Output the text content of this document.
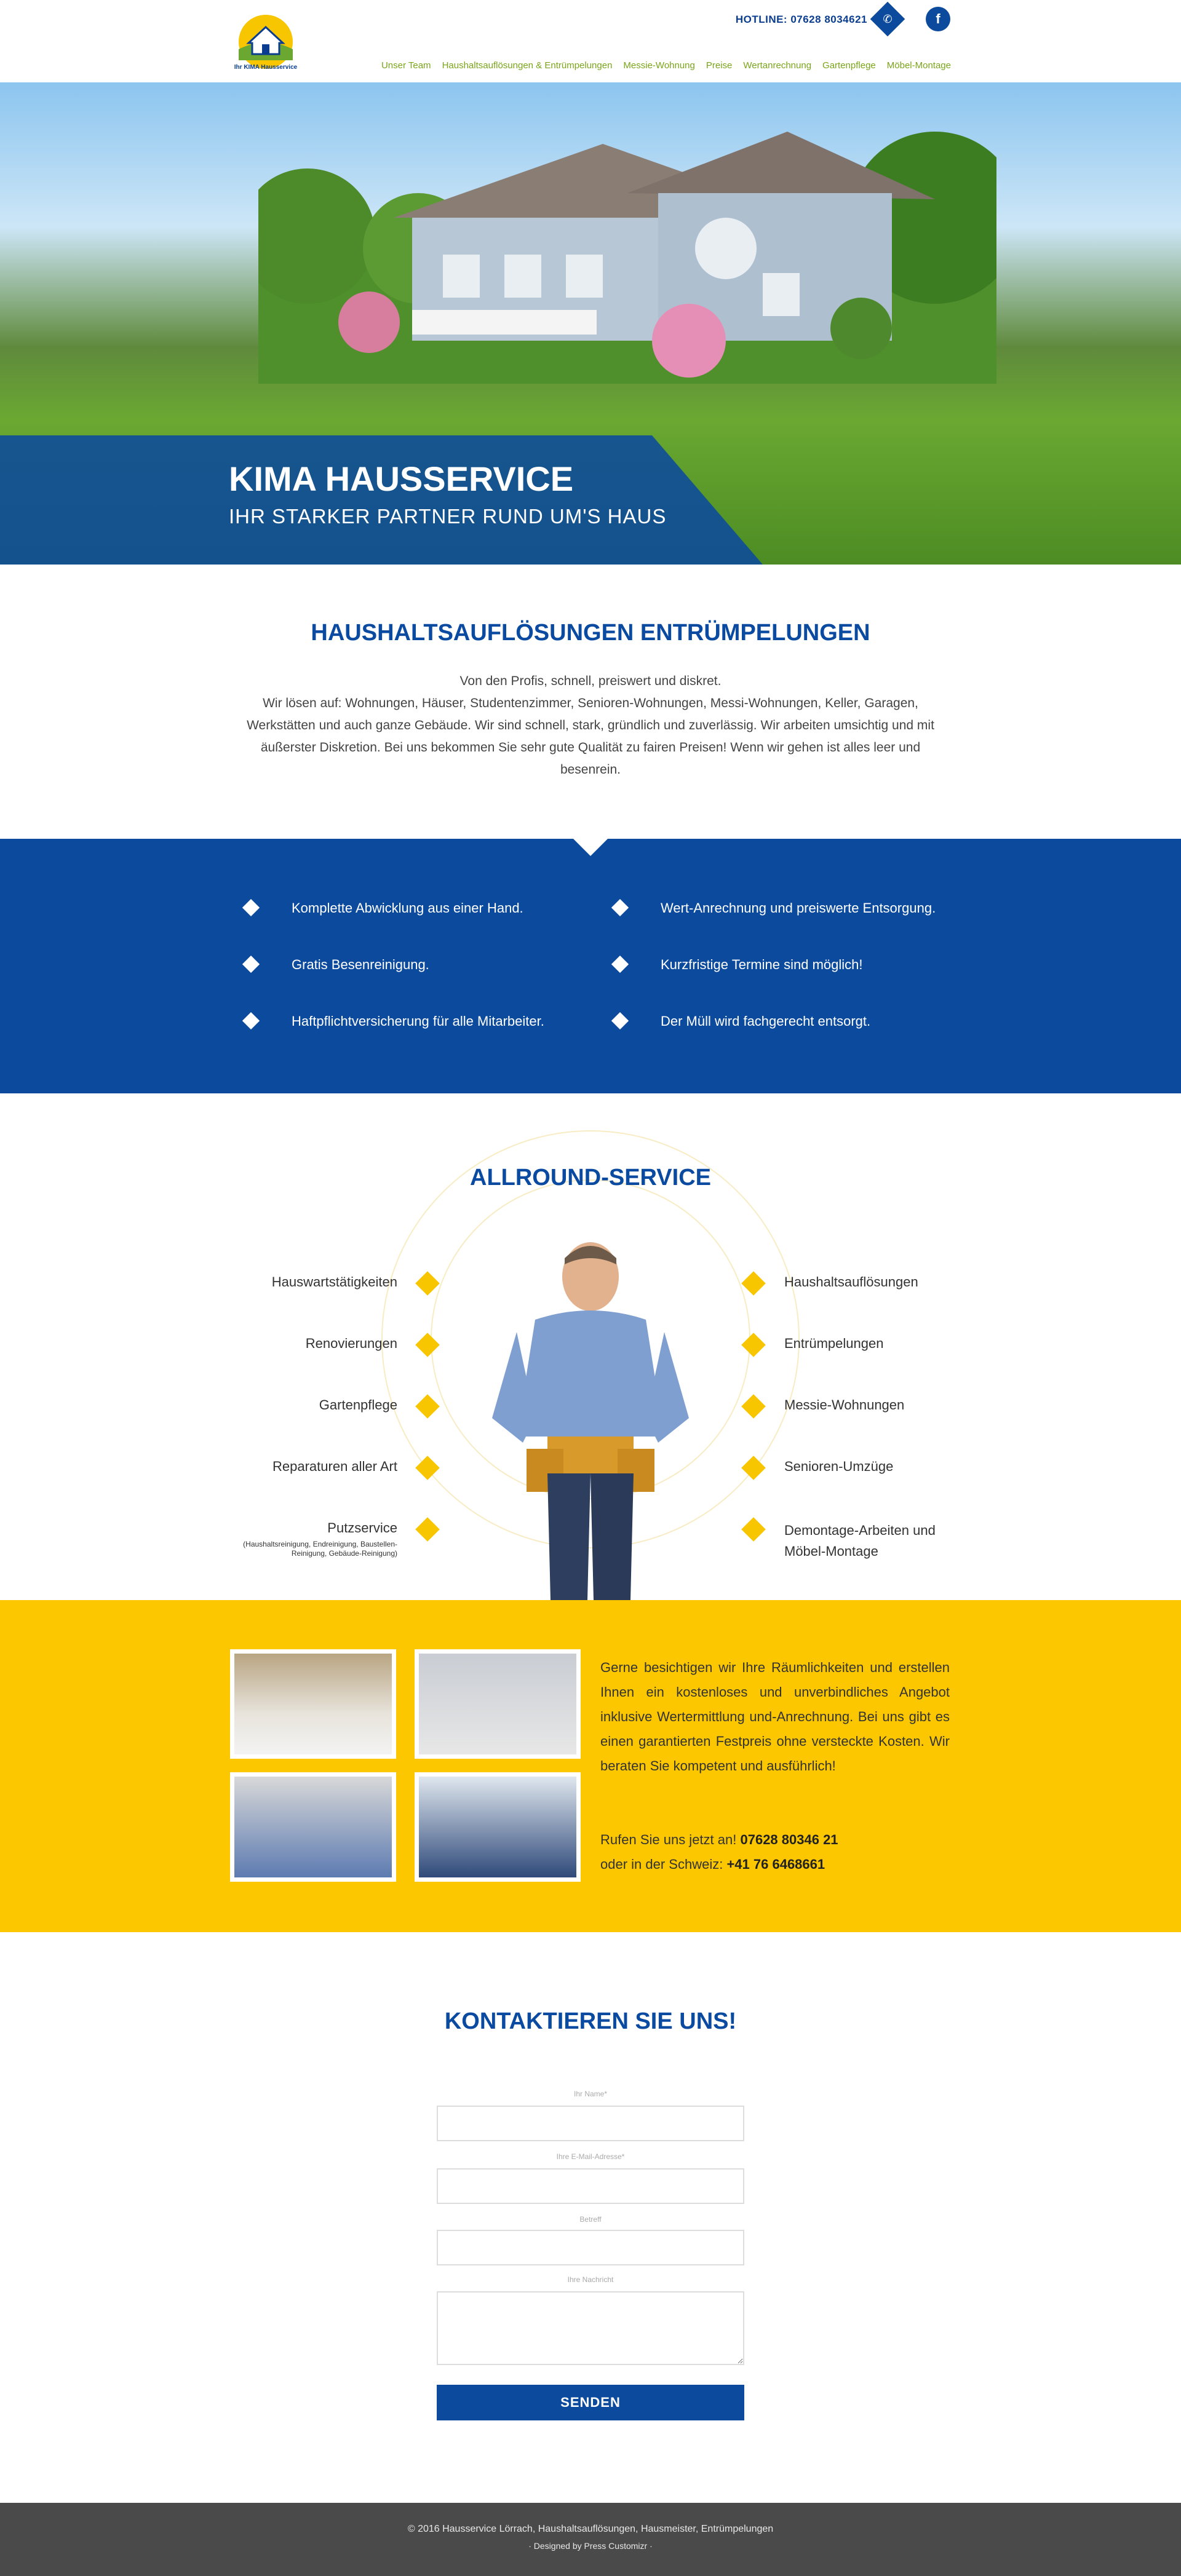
Ihr KIMA Hausservice
HOTLINE: 07628 8034621	✆	f
Unser Team Haushaltsauflösungen & Entrümpelungen Messie-Wohnung Preise Wertanrechnung Gartenpflege Möbel-Montage
KIMA HAUSSERVICE
IHR STARKER PARTNER RUND UM'S HAUS
HAUSHALTSAUFLÖSUNGEN ENTRÜMPELUNGEN
Von den Profis, schnell, preiswert und diskret.
Wir lösen auf: Wohnungen, Häuser, Studentenzimmer, Senioren-Wohnungen, Messi-Wohnungen, Keller, Garagen, Werkstätten und auch ganze Gebäude. Wir sind schnell, stark, gründlich und zuverlässig. Wir arbeiten umsichtig und mit äußerster Diskretion. Bei uns bekommen Sie sehr gute Qualität zu fairen Preisen! Wenn wir gehen ist alles leer und besenrein.
Komplette Abwicklung aus einer Hand.	Wert-Anrechnung und preiswerte Entsorgung.
Gratis Besenreinigung.	Kurzfristige Termine sind möglich!
Haftpflichtversicherung für alle Mitarbeiter.	Der Müll wird fachgerecht entsorgt.
ALLROUND-SERVICE
Hauswartstätigkeiten
Renovierungen
Gartenpflege
Reparaturen aller Art
Putzservice
(Haushaltsreinigung, Endreinigung, Baustellen-Reinigung, Gebäude-Reinigung)
Haushaltsauflösungen
Entrümpelungen
Messie-Wohnungen
Senioren-Umzüge
Demontage-Arbeiten und Möbel-Montage
Gerne besichtigen wir Ihre Räumlichkeiten und erstellen Ihnen ein kostenloses und unverbindliches Angebot inklusive Wertermittlung und-Anrechnung. Bei uns gibt es einen garantierten Festpreis ohne versteckte Kosten. Wir beraten Sie kompetent und ausführlich!
Rufen Sie uns jetzt an! 07628 80346 21
oder in der Schweiz: +41 76 6468661
KONTAKTIEREN SIE UNS!
Ihr Name*
Ihre E-Mail-Adresse*
Betreff
Ihre Nachricht
SENDEN

© 2016 Hausservice Lörrach, Haushaltsauflösungen, Hausmeister, Entrümpelungen

· Designed by Press Customizr ·
